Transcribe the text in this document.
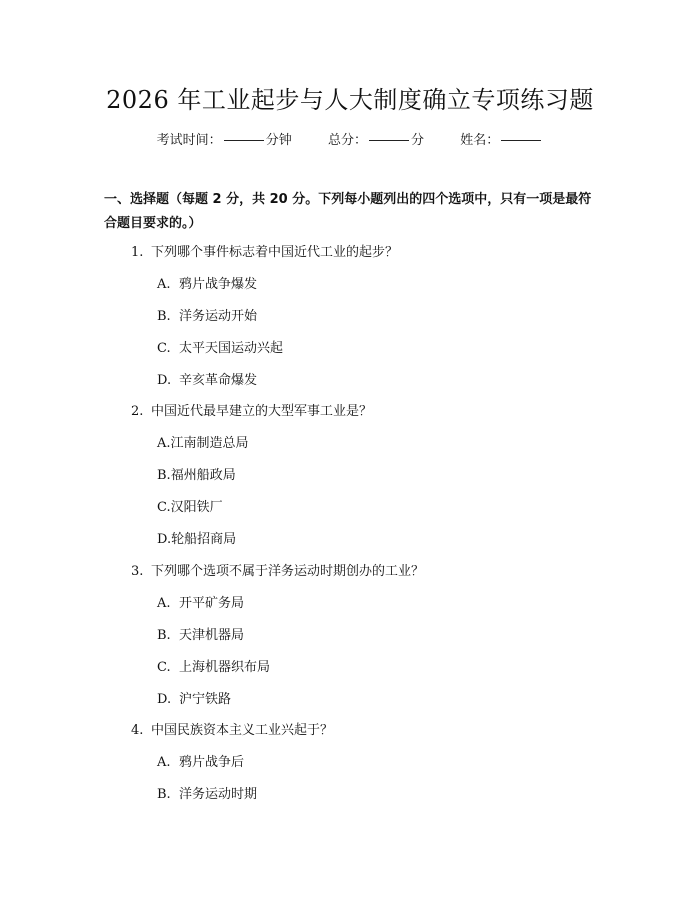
2026 年工业起步与人大制度确立专项练习题
考试时间：	分钟	总分：	分	姓名：
一、选择题（每题 2 分，共 20 分。下列每小题列出的四个选项中，只有一项是最符合题目要求的。）
1. 下列哪个事件标志着中国近代工业的起步？
A. 鸦片战争爆发
B. 洋务运动开始
C. 太平天国运动兴起
D. 辛亥革命爆发
2. 中国近代最早建立的大型军事工业是？
A.江南制造总局
B.福州船政局
C.汉阳铁厂
D.轮船招商局
3. 下列哪个选项不属于洋务运动时期创办的工业？
A. 开平矿务局
B. 天津机器局
C. 上海机器织布局
D. 沪宁铁路
4. 中国民族资本主义工业兴起于？
A. 鸦片战争后
B. 洋务运动时期
